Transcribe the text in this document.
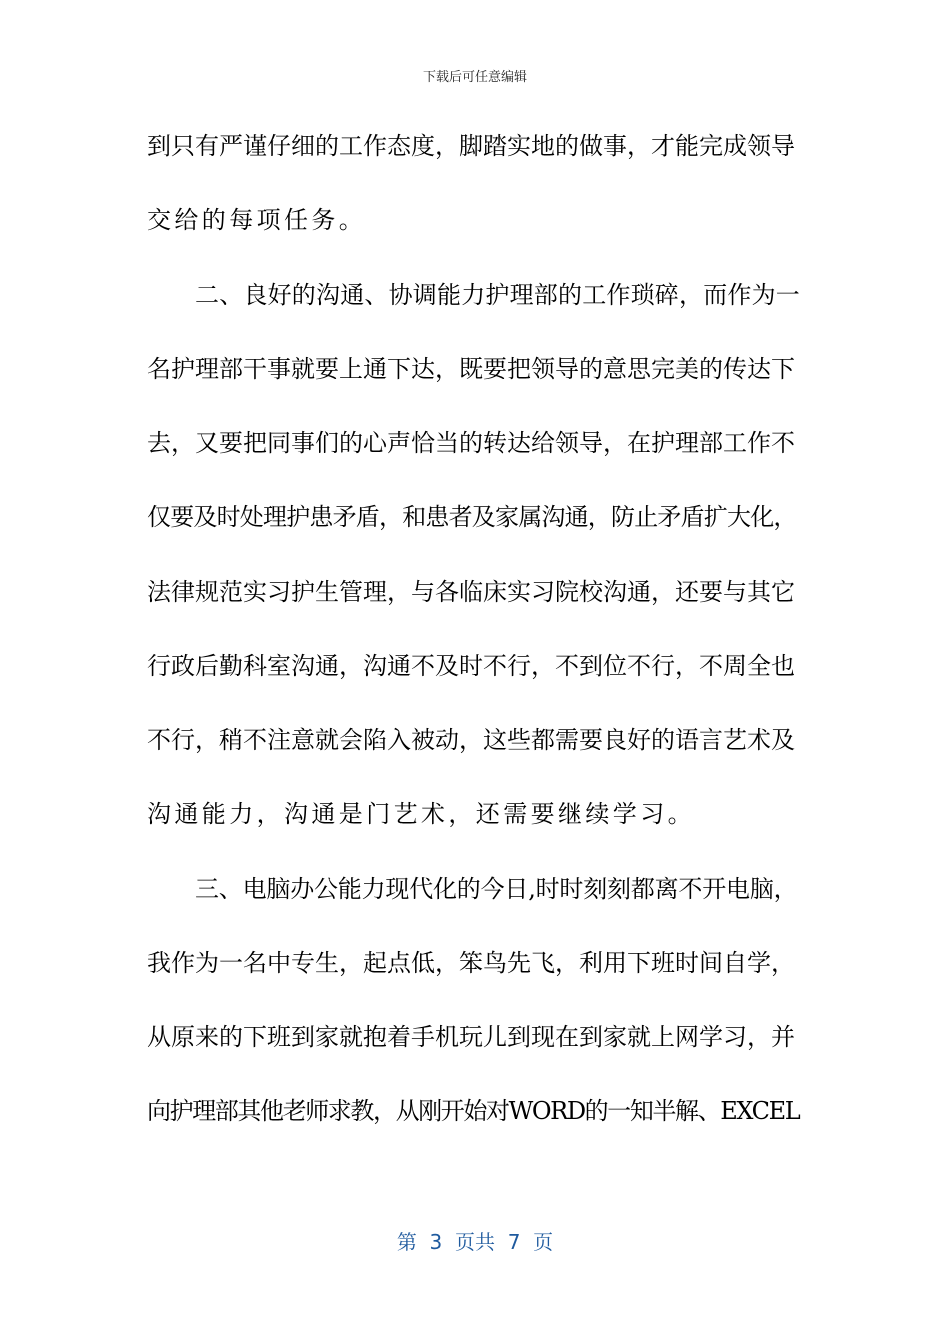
下载后可任意编辑
到只有严谨仔细的工作态度，脚踏实地的做事，才能完成领导
交给的每项任务。
二、良好的沟通、协调能力护理部的工作琐碎，而作为一
名护理部干事就要上通下达，既要把领导的意思完美的传达下
去，又要把同事们的心声恰当的转达给领导，在护理部工作不
仅要及时处理护患矛盾，和患者及家属沟通，防止矛盾扩大化，
法律规范实习护生管理，与各临床实习院校沟通，还要与其它
行政后勤科室沟通，沟通不及时不行，不到位不行，不周全也
不行，稍不注意就会陷入被动，这些都需要良好的语言艺术及
沟通能力，沟通是门艺术，还需要继续学习。
三、电脑办公能力现代化的今日,时时刻刻都离不开电脑，
我作为一名中专生，起点低，笨鸟先飞，利用下班时间自学，
从原来的下班到家就抱着手机玩儿到现在到家就上网学习，并
向护理部其他老师求教，从刚开始对WORD的一知半解、EXCEL
第  3  页共  7  页
